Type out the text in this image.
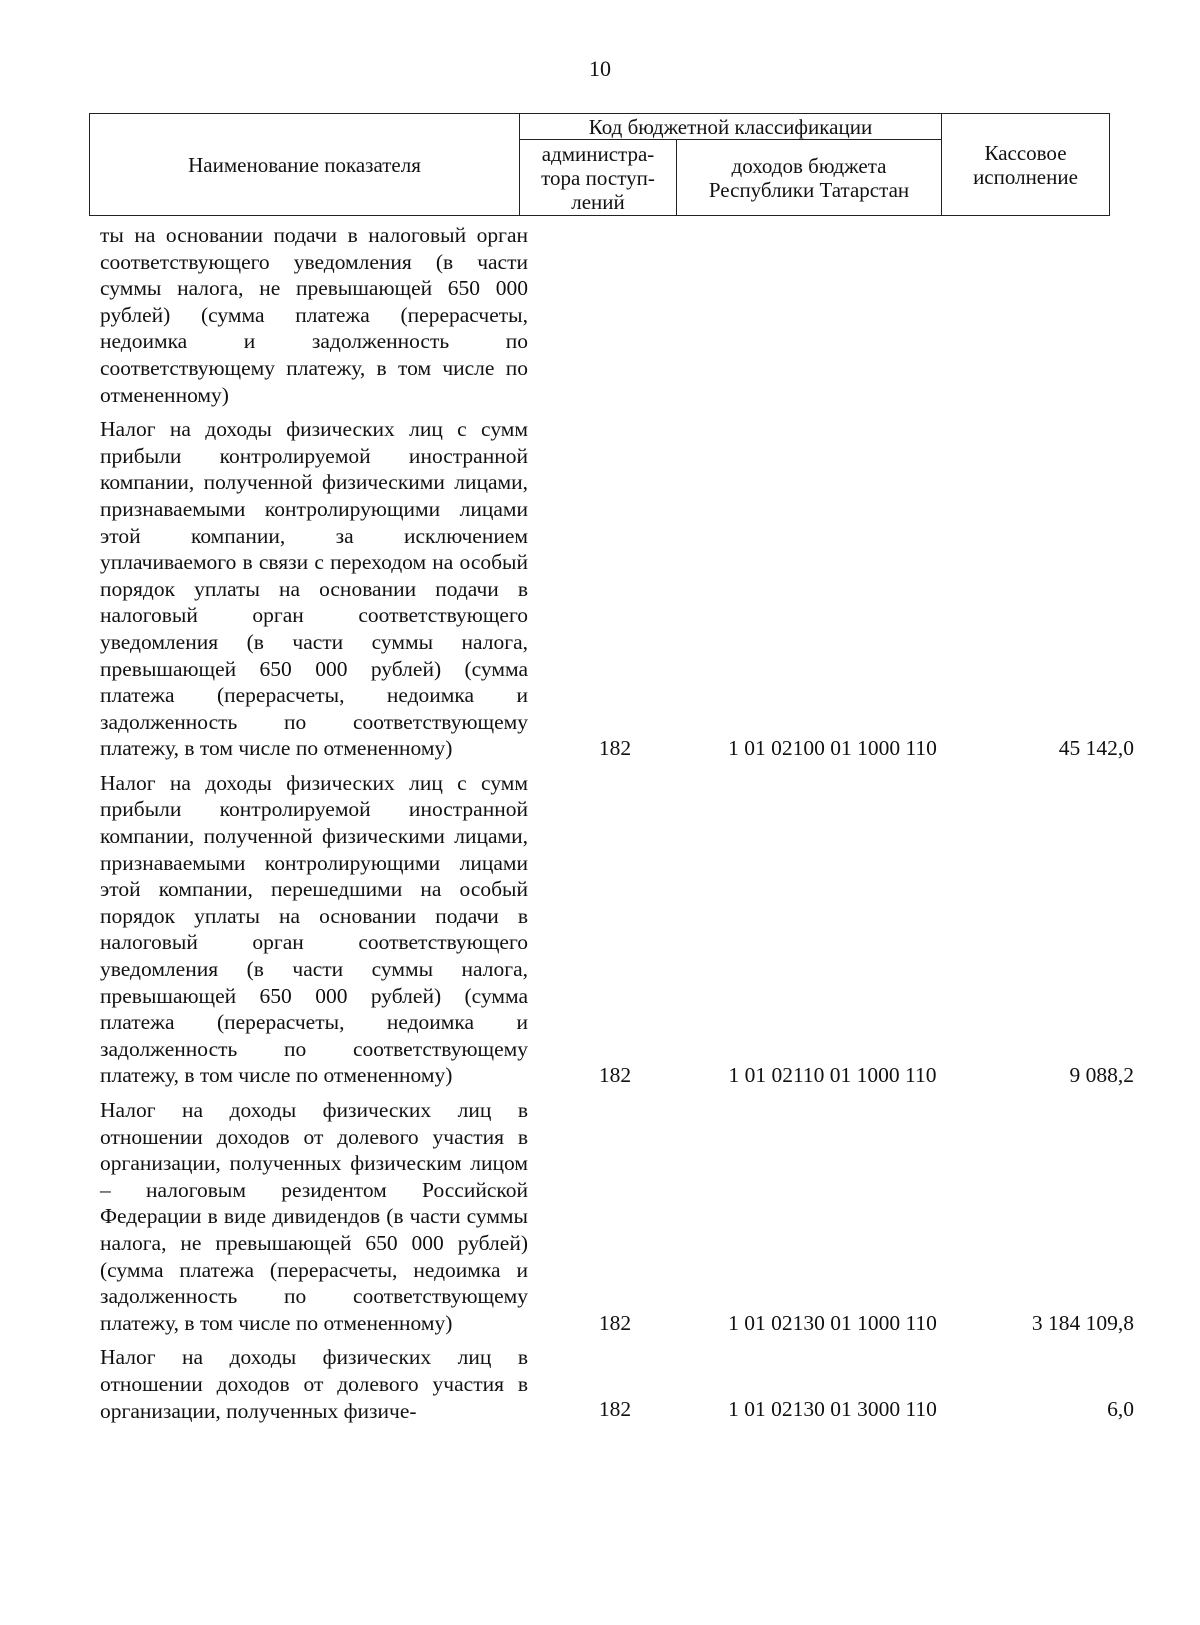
10
Наименование показателя	Код бюджетной классификации		Кассовое исполнение
	администра-тора поступ-лений	доходов бюджета Республики Татарстан	
ты на основании подачи в налоговый орган соответствующего уведомления (в части суммы налога, не превышающей 650 000 рублей) (сумма платежа (перерасчеты, недоимка и задолженность по соответствующему платежу, в том числе по отмененному)
Налог на доходы физических лиц с сумм прибыли контролируемой иностранной компании, полученной физическими лицами, признаваемыми контролирующими лицами этой компании, за исключением уплачиваемого в связи с переходом на особый порядок уплаты на основании подачи в налоговый орган соответствующего уведомления (в части суммы налога, превышающей 650 000 рублей) (сумма платежа (перерасчеты, недоимка и задолженность по соответствующему платежу, в том числе по отмененному)	182	1 01 02100 01 1000 110	45 142,0
Налог на доходы физических лиц с сумм прибыли контролируемой иностранной компании, полученной физическими лицами, признаваемыми контролирующими лицами этой компании, перешедшими на особый порядок уплаты на основании подачи в налоговый орган соответствующего уведомления (в части суммы налога, превышающей 650 000 рублей) (сумма платежа (перерасчеты, недоимка и задолженность по соответствующему платежу, в том числе по отмененному)	182	1 01 02110 01 1000 110	9 088,2
Налог на доходы физических лиц в отношении доходов от долевого участия в организации, полученных физическим лицом – налоговым резидентом Российской Федерации в виде дивидендов (в части суммы налога, не превышающей 650 000 рублей) (сумма платежа (перерасчеты, недоимка и задолженность по соответствующему платежу, в том числе по отмененному)	182	1 01 02130 01 1000 110	3 184 109,8
Налог на доходы физических лиц в отношении доходов от долевого участия в организации, полученных физиче-	182	1 01 02130 01 3000 110	6,0
